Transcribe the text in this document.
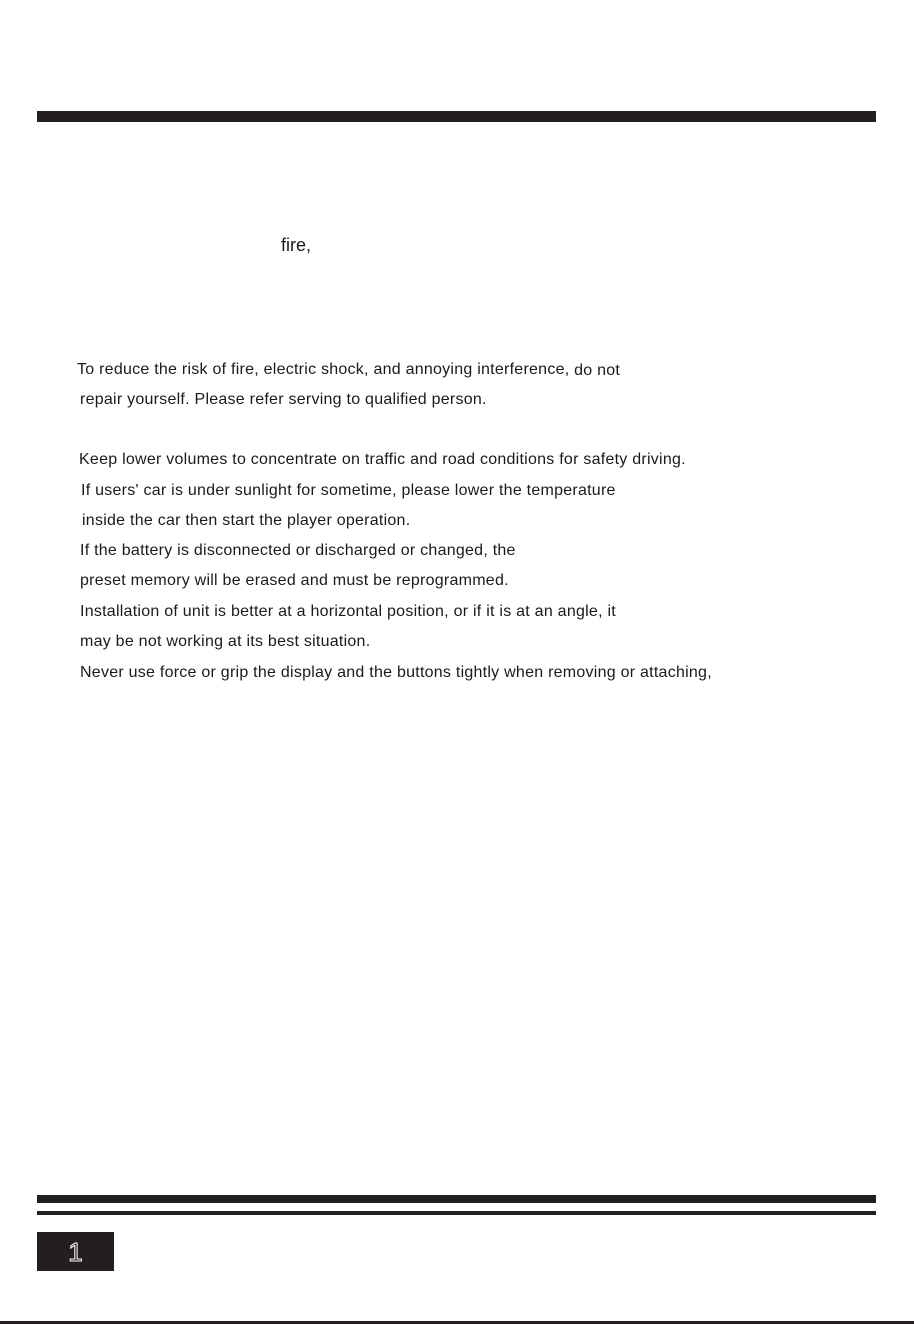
fire,
To reduce the risk of fire, electric shock, and annoying interference, do not
repair yourself. Please refer serving to qualified person.
Keep lower volumes to concentrate on traffic and road conditions for safety driving.
If users' car is under sunlight for sometime, please lower the temperature
inside the car then start the player operation.
If the battery is disconnected or discharged or changed, the
preset memory will be erased and must be reprogrammed.
Installation of unit is better at a horizontal position, or if it is at an angle, it
may be not working at its best situation.
Never use force or grip the display and the buttons tightly when removing or attaching,
1
